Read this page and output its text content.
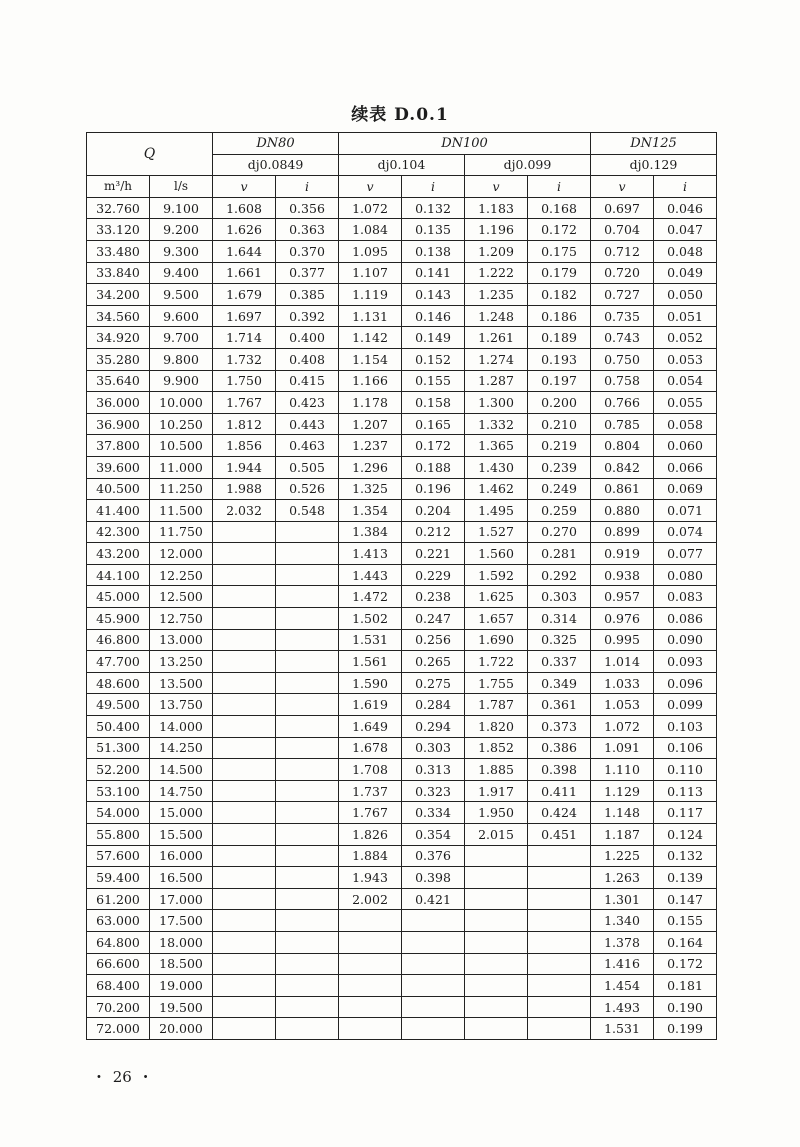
续表 D.0.1
Q		DN80		DN100				DN125	
		dj0.0849		dj0.104		dj0.099		dj0.129	
m³/h	l/s	v	i	v	i	v	i	v	i
32.760	9.100	1.608	0.356	1.072	0.132	1.183	0.168	0.697	0.046
33.120	9.200	1.626	0.363	1.084	0.135	1.196	0.172	0.704	0.047
33.480	9.300	1.644	0.370	1.095	0.138	1.209	0.175	0.712	0.048
33.840	9.400	1.661	0.377	1.107	0.141	1.222	0.179	0.720	0.049
34.200	9.500	1.679	0.385	1.119	0.143	1.235	0.182	0.727	0.050
34.560	9.600	1.697	0.392	1.131	0.146	1.248	0.186	0.735	0.051
34.920	9.700	1.714	0.400	1.142	0.149	1.261	0.189	0.743	0.052
35.280	9.800	1.732	0.408	1.154	0.152	1.274	0.193	0.750	0.053
35.640	9.900	1.750	0.415	1.166	0.155	1.287	0.197	0.758	0.054
36.000	10.000	1.767	0.423	1.178	0.158	1.300	0.200	0.766	0.055
36.900	10.250	1.812	0.443	1.207	0.165	1.332	0.210	0.785	0.058
37.800	10.500	1.856	0.463	1.237	0.172	1.365	0.219	0.804	0.060
39.600	11.000	1.944	0.505	1.296	0.188	1.430	0.239	0.842	0.066
40.500	11.250	1.988	0.526	1.325	0.196	1.462	0.249	0.861	0.069
41.400	11.500	2.032	0.548	1.354	0.204	1.495	0.259	0.880	0.071
42.300	11.750			1.384	0.212	1.527	0.270	0.899	0.074
43.200	12.000			1.413	0.221	1.560	0.281	0.919	0.077
44.100	12.250			1.443	0.229	1.592	0.292	0.938	0.080
45.000	12.500			1.472	0.238	1.625	0.303	0.957	0.083
45.900	12.750			1.502	0.247	1.657	0.314	0.976	0.086
46.800	13.000			1.531	0.256	1.690	0.325	0.995	0.090
47.700	13.250			1.561	0.265	1.722	0.337	1.014	0.093
48.600	13.500			1.590	0.275	1.755	0.349	1.033	0.096
49.500	13.750			1.619	0.284	1.787	0.361	1.053	0.099
50.400	14.000			1.649	0.294	1.820	0.373	1.072	0.103
51.300	14.250			1.678	0.303	1.852	0.386	1.091	0.106
52.200	14.500			1.708	0.313	1.885	0.398	1.110	0.110
53.100	14.750			1.737	0.323	1.917	0.411	1.129	0.113
54.000	15.000			1.767	0.334	1.950	0.424	1.148	0.117
55.800	15.500			1.826	0.354	2.015	0.451	1.187	0.124
57.600	16.000			1.884	0.376			1.225	0.132
59.400	16.500			1.943	0.398			1.263	0.139
61.200	17.000			2.002	0.421			1.301	0.147
63.000	17.500							1.340	0.155
64.800	18.000							1.378	0.164
66.600	18.500							1.416	0.172
68.400	19.000							1.454	0.181
70.200	19.500							1.493	0.190
72.000	20.000							1.531	0.199
• 26 •
